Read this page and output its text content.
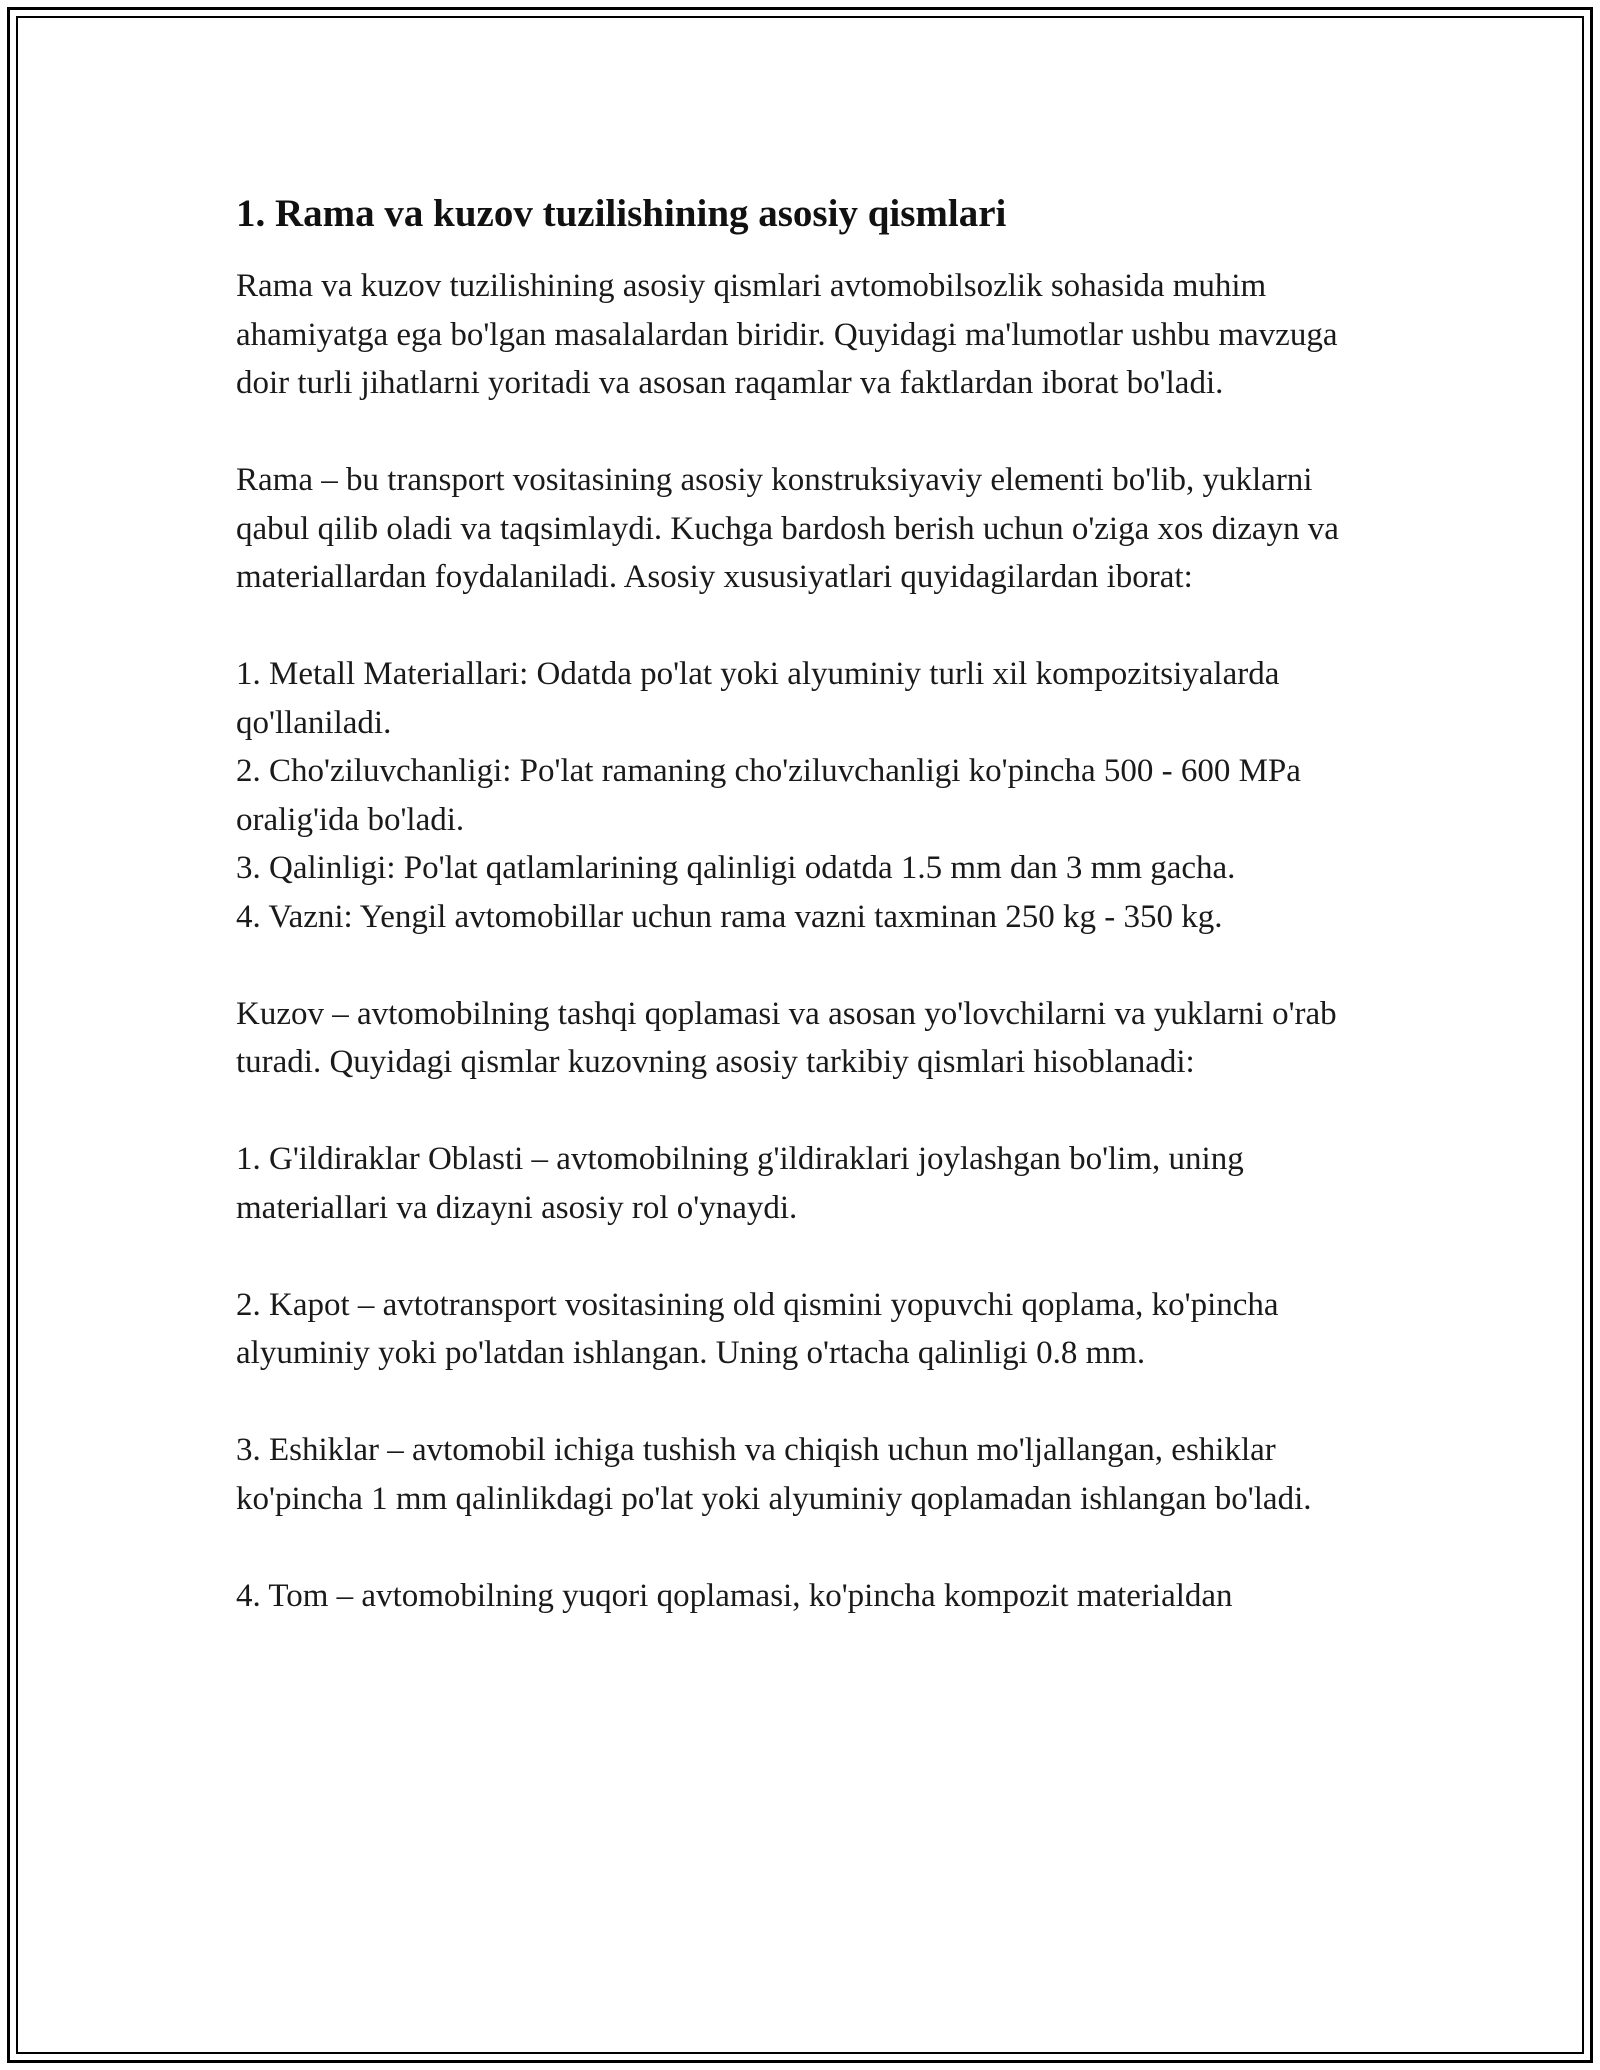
1. Rama va kuzov tuzilishining asosiy qismlari

Rama va kuzov tuzilishining asosiy qismlari avtomobilsozlik sohasida muhim ahamiyatga ega bo'lgan masalalardan biridir. Quyidagi ma'lumotlar ushbu mavzuga doir turli jihatlarni yoritadi va asosan raqamlar va faktlardan iborat bo'ladi.

Rama – bu transport vositasining asosiy konstruksiyaviy elementi bo'lib, yuklarni qabul qilib oladi va taqsimlaydi. Kuchga bardosh berish uchun o'ziga xos dizayn va materiallardan foydalaniladi. Asosiy xususiyatlari quyidagilardan iborat:

1. Metall Materiallari: Odatda po'lat yoki alyuminiy turli xil kompozitsiyalarda qo'llaniladi.

2. Cho'ziluvchanligi: Po'lat ramaning cho'ziluvchanligi ko'pincha 500 - 600 MPa oralig'ida bo'ladi.

3. Qalinligi: Po'lat qatlamlarining qalinligi odatda 1.5 mm dan 3 mm gacha.

4. Vazni: Yengil avtomobillar uchun rama vazni taxminan 250 kg - 350 kg.

Kuzov – avtomobilning tashqi qoplamasi va asosan yo'lovchilarni va yuklarni o'rab turadi. Quyidagi qismlar kuzovning asosiy tarkibiy qismlari hisoblanadi:

1. G'ildiraklar Oblasti – avtomobilning g'ildiraklari joylashgan bo'lim, uning materiallari va dizayni asosiy rol o'ynaydi.

2. Kapot – avtotransport vositasining old qismini yopuvchi qoplama, ko'pincha alyuminiy yoki po'latdan ishlangan. Uning o'rtacha qalinligi 0.8 mm.

3. Eshiklar – avtomobil ichiga tushish va chiqish uchun mo'ljallangan, eshiklar ko'pincha 1 mm qalinlikdagi po'lat yoki alyuminiy qoplamadan ishlangan bo'ladi.

4. Tom – avtomobilning yuqori qoplamasi, ko'pincha kompozit materialdan
